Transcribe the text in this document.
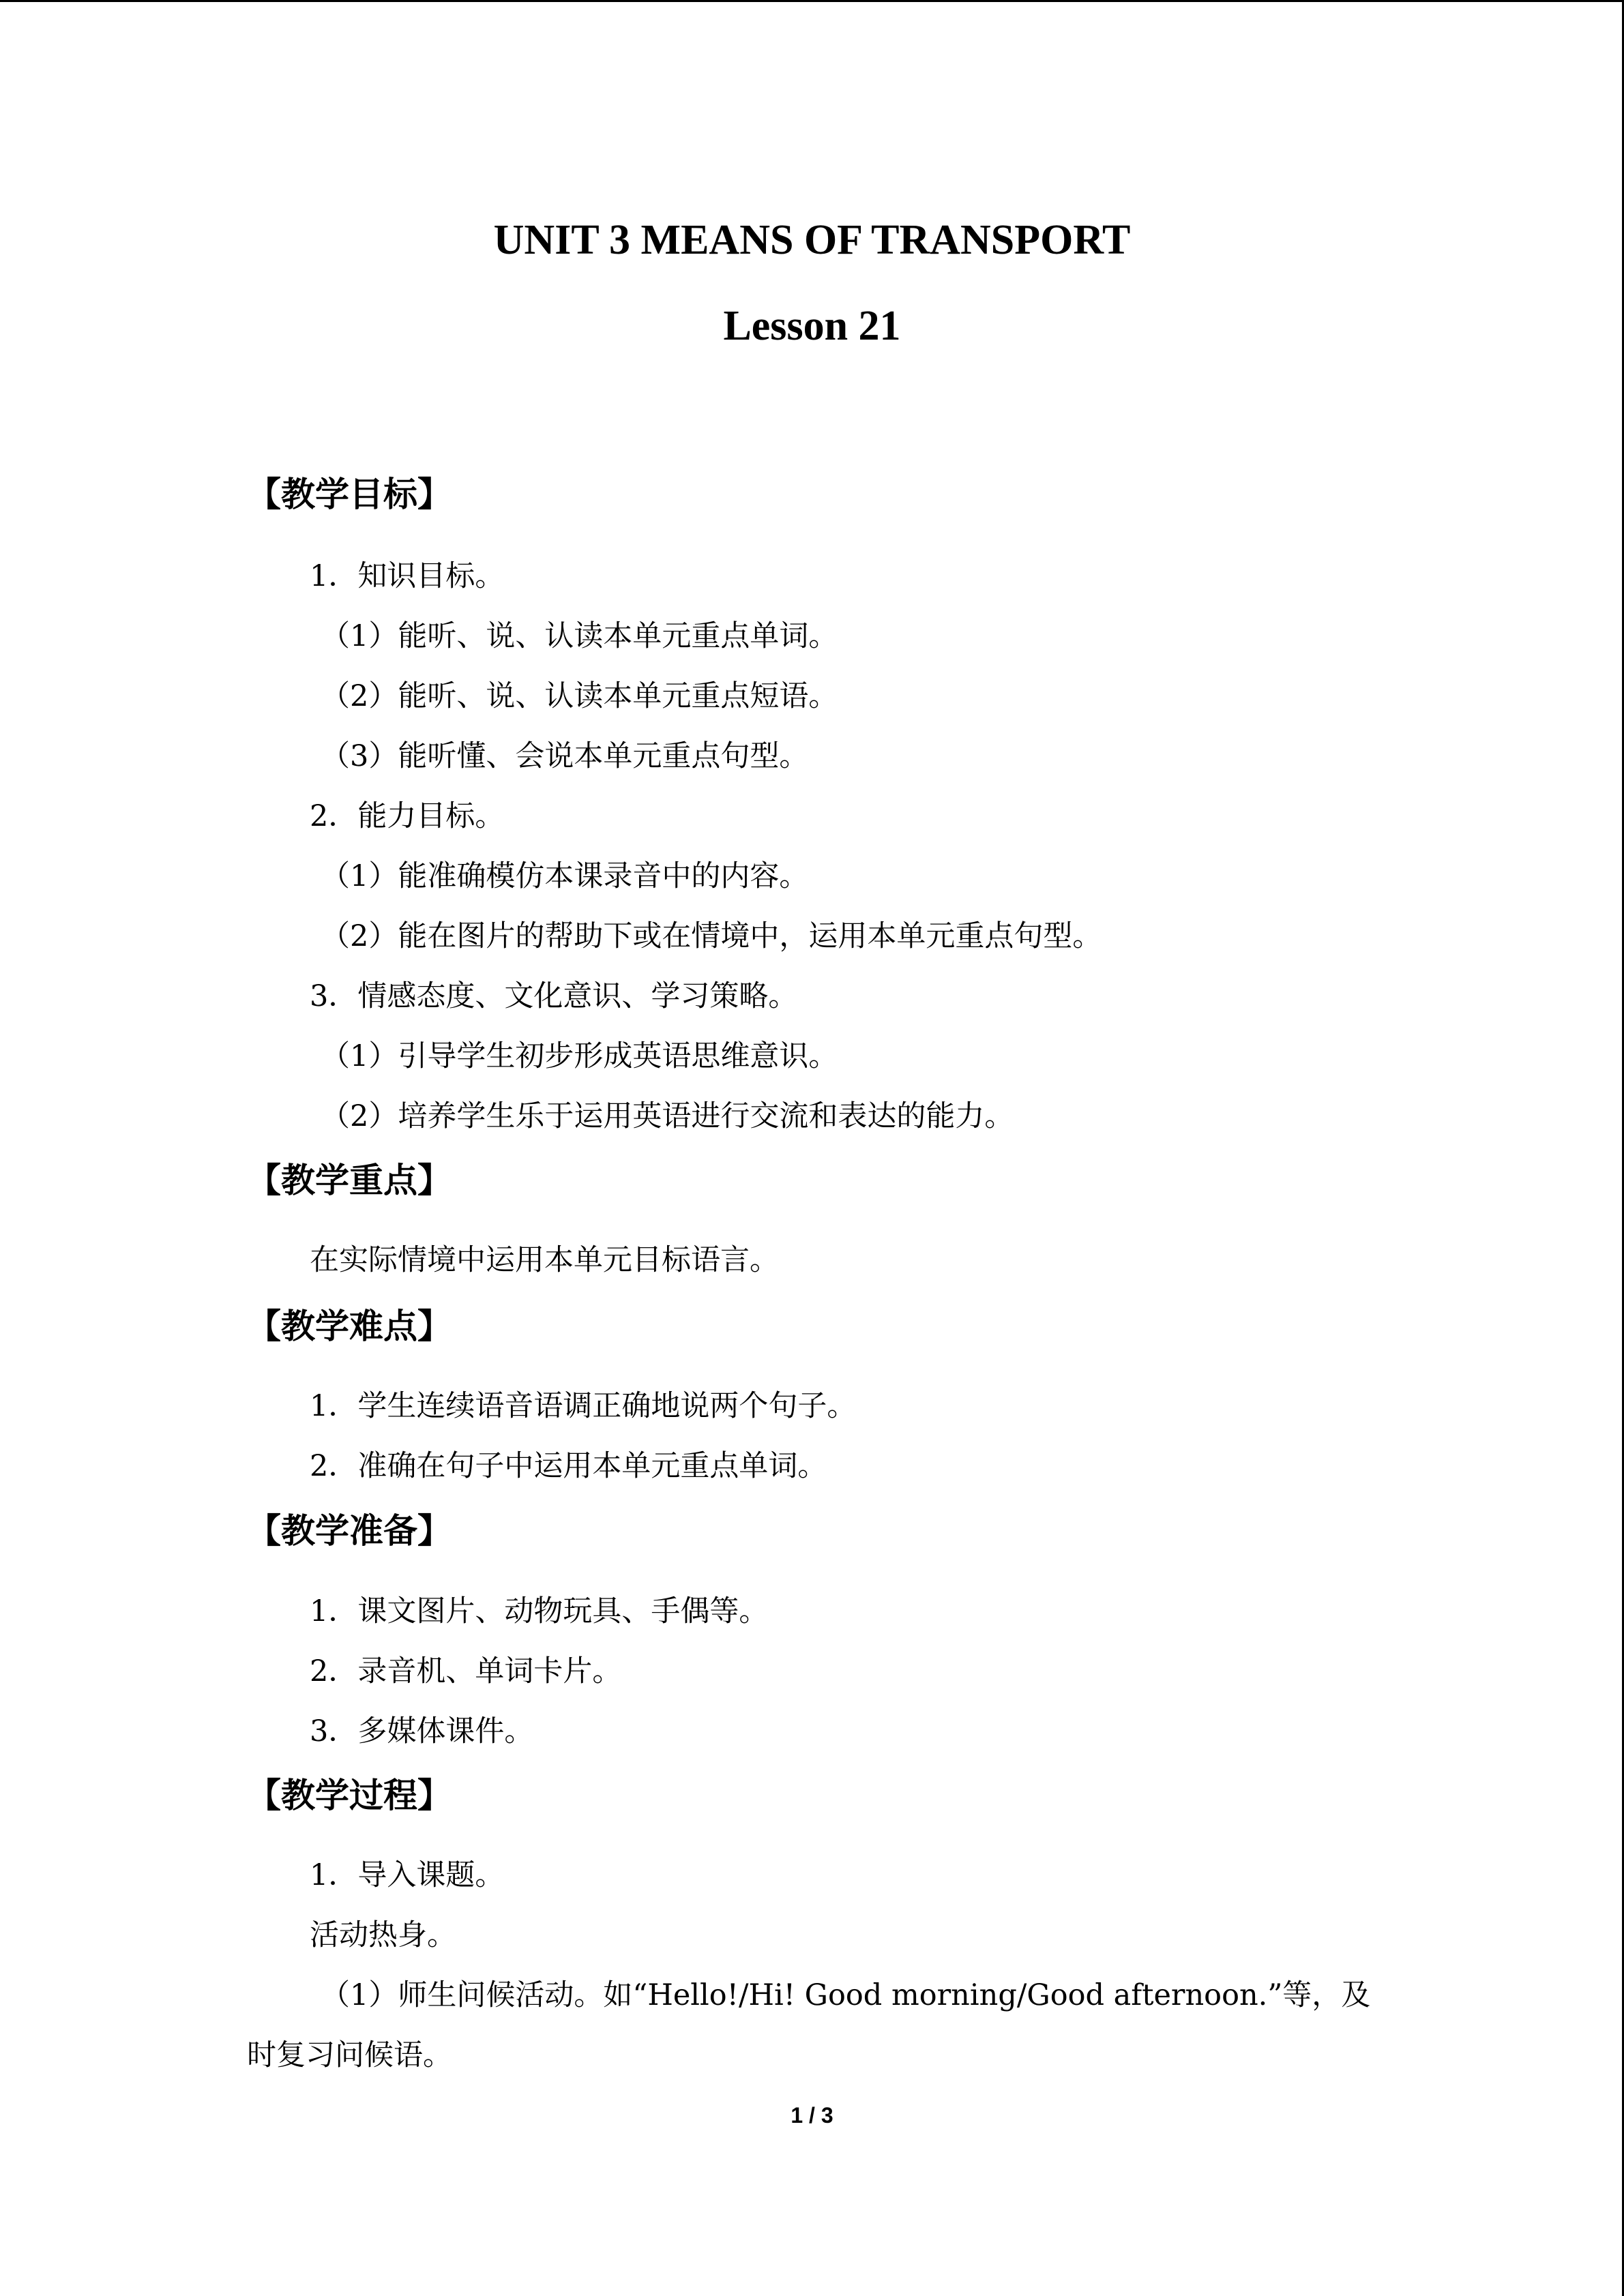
UNIT 3 MEANS OF TRANSPORT
Lesson 21
【教学目标】
1．知识目标。
（1）能听、说、认读本单元重点单词。
（2）能听、说、认读本单元重点短语。
（3）能听懂、会说本单元重点句型。
2．能力目标。
（1）能准确模仿本课录音中的内容。
（2）能在图片的帮助下或在情境中，运用本单元重点句型。
3．情感态度、文化意识、学习策略。
（1）引导学生初步形成英语思维意识。
（2）培养学生乐于运用英语进行交流和表达的能力。
【教学重点】
在实际情境中运用本单元目标语言。
【教学难点】
1．学生连续语音语调正确地说两个句子。
2．准确在句子中运用本单元重点单词。
【教学准备】
1．课文图片、动物玩具、手偶等。
2．录音机、单词卡片。
3．多媒体课件。
【教学过程】
1．导入课题。
活动热身。
（1）师生问候活动。如“Hello!/Hi! Good morning/Good afternoon.”等，及
时复习问候语。
1 / 3
